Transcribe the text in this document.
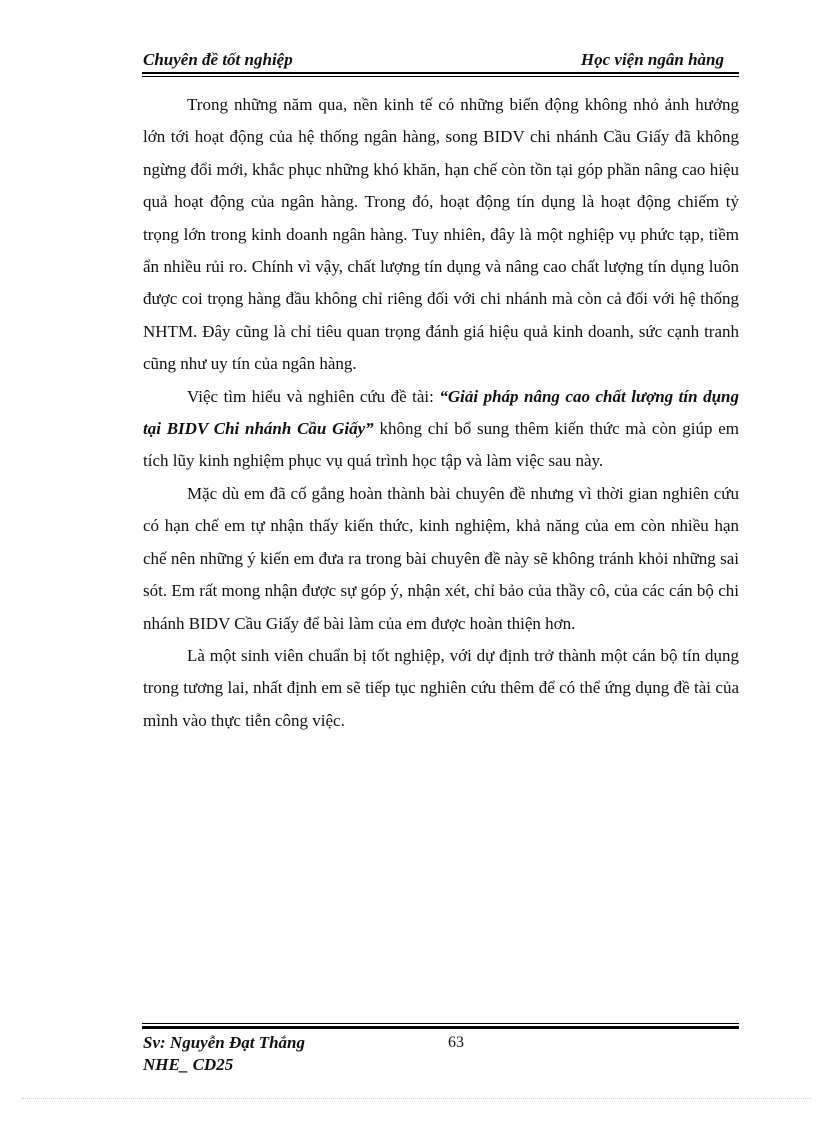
Chuyên đề tốt nghiệp	Học viện ngân hàng

Trong những năm qua, nền kinh tế có những biến động không nhỏ ảnh hưởng lớn tới hoạt động của hệ thống ngân hàng, song BIDV chi nhánh Cầu Giấy đã không ngừng đổi mới, khắc phục những khó khăn, hạn chế còn tồn tại góp phần nâng cao hiệu quả hoạt động của ngân hàng. Trong đó, hoạt động tín dụng là hoạt động chiếm tỷ trọng lớn trong kinh doanh ngân hàng. Tuy nhiên, đây là một nghiệp vụ phức tạp, tiềm ẩn nhiều rủi ro. Chính vì vậy, chất lượng tín dụng và nâng cao chất lượng tín dụng luôn được coi trọng hàng đầu không chỉ riêng đối với chi nhánh mà còn cả đối với hệ thống NHTM. Đây cũng là chỉ tiêu quan trọng đánh giá hiệu quả kinh doanh, sức cạnh tranh cũng như uy tín của ngân hàng.

Việc tìm hiểu và nghiên cứu đề tài: “Giải pháp nâng cao chất lượng tín dụng tại BIDV Chi nhánh Cầu Giấy” không chỉ bổ sung thêm kiến thức mà còn giúp em tích lũy kinh nghiệm phục vụ quá trình học tập và làm việc sau này.

Mặc dù em đã cố gắng hoàn thành bài chuyên đề nhưng vì thời gian nghiên cứu có hạn chế em tự nhận thấy kiến thức, kinh nghiệm, khả năng của em còn nhiều hạn chế nên những ý kiến em đưa ra trong bài chuyên đề này sẽ không tránh khỏi những sai sót. Em rất mong nhận được sự góp ý, nhận xét, chỉ bảo của thầy cô, của các cán bộ chi nhánh BIDV Cầu Giấy để bài làm của em được hoàn thiện hơn.

Là một sinh viên chuẩn bị tốt nghiệp, với dự định trở thành một cán bộ tín dụng trong tương lai, nhất định em sẽ tiếp tục nghiên cứu thêm để có thể ứng dụng đề tài của mình vào thực tiễn công việc.

Sv: Nguyễn Đạt Thắng
NHE_ CD25
63
